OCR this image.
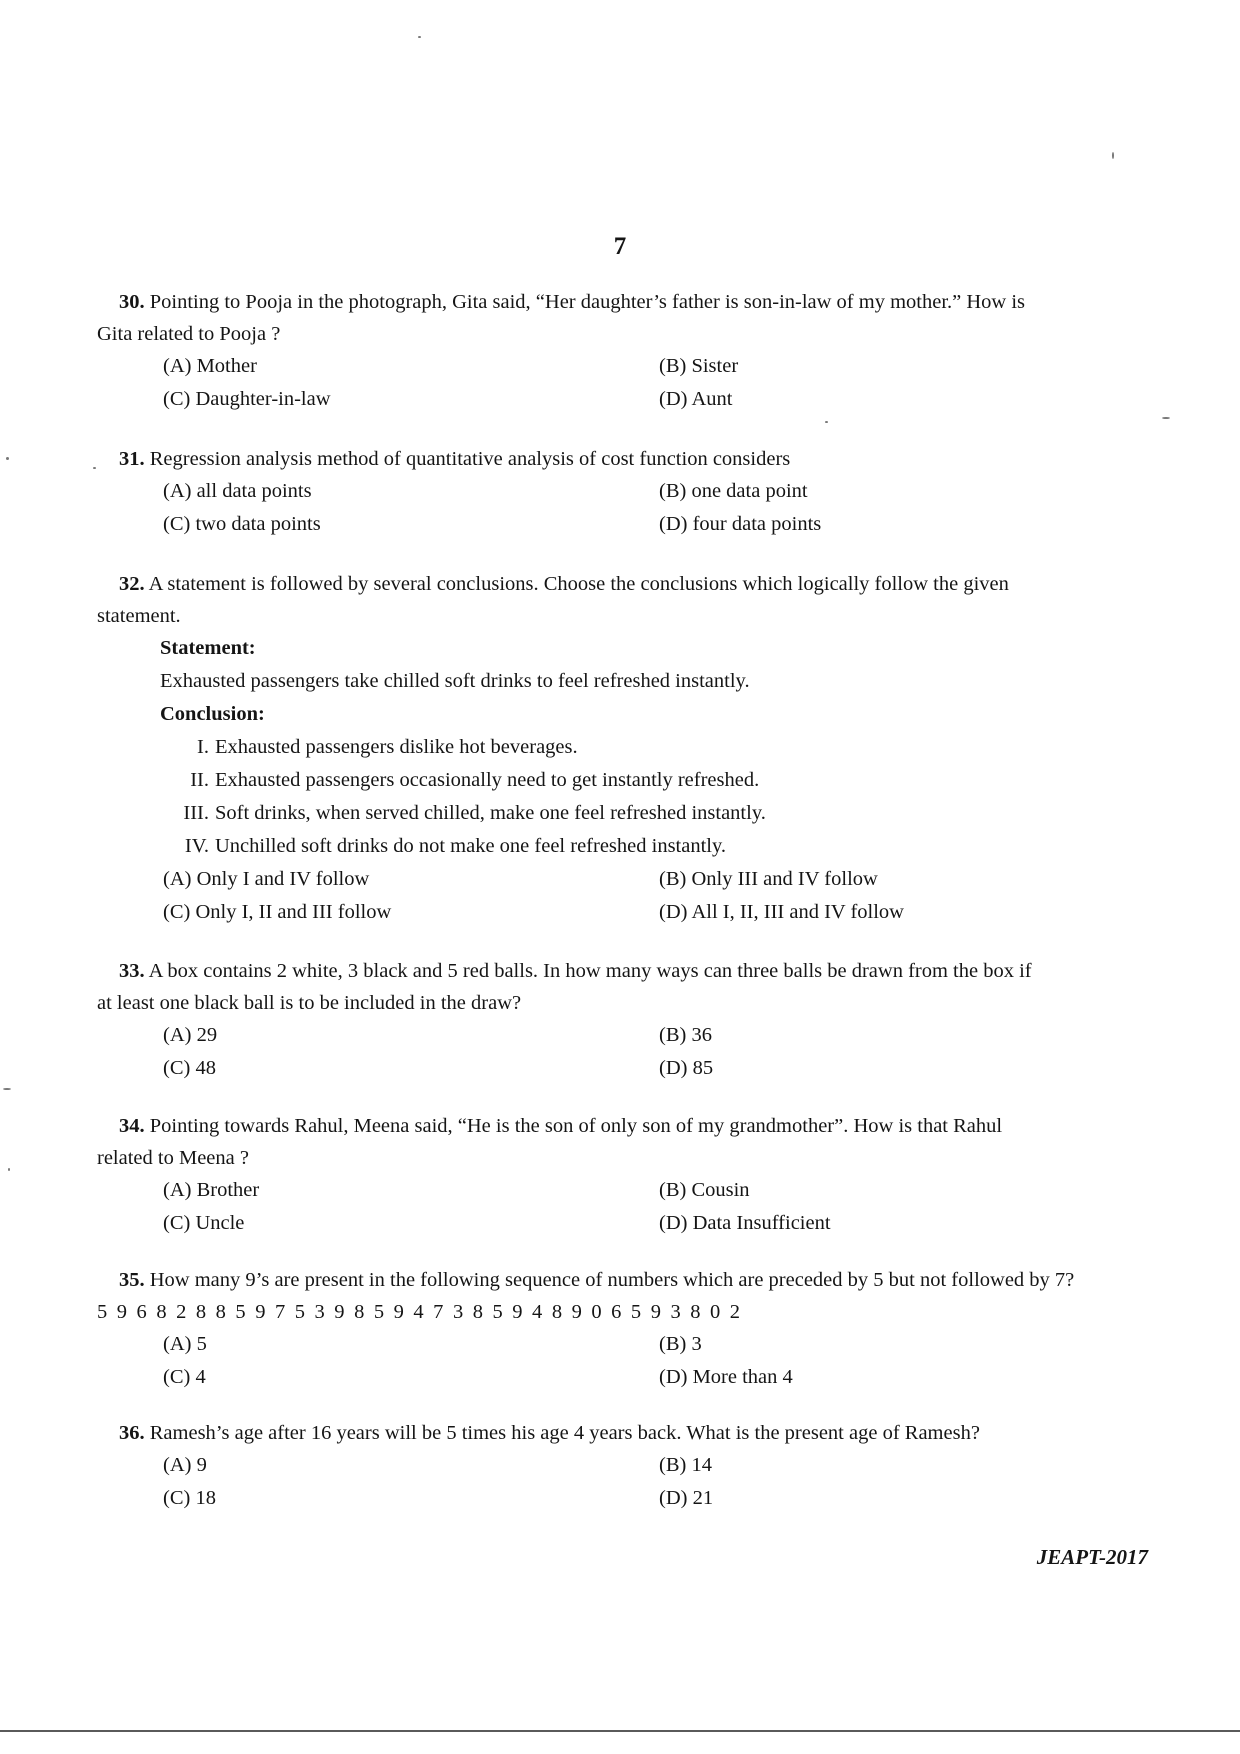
7
30. Pointing to Pooja in the photograph, Gita said, “Her daughter’s father is son-in-law of my mother.” How is
Gita related to Pooja ?
(A) Mother	(B) Sister (C) Daughter-in-law	(D) Aunt
31. Regression analysis method of quantitative analysis of cost function considers
(A) all data points	(B) one data point (C) two data points	(D) four data points
32. A statement is followed by several conclusions. Choose the conclusions which logically follow the given
statement.
Statement:
Exhausted passengers take chilled soft drinks to feel refreshed instantly.
Conclusion:
I. Exhausted passengers dislike hot beverages.
II. Exhausted passengers occasionally need to get instantly refreshed.
III. Soft drinks, when served chilled, make one feel refreshed instantly.
IV. Unchilled soft drinks do not make one feel refreshed instantly.
(A) Only I and IV follow	(B) Only III and IV follow (C) Only I, II and III follow	(D) All I, II, III and IV follow
33. A box contains 2 white, 3 black and 5 red balls. In how many ways can three balls be drawn from the box if
at least one black ball is to be included in the draw?
(A) 29	(B) 36 (C) 48	(D) 85
34. Pointing towards Rahul, Meena said, “He is the son of only son of my grandmother”. How is that Rahul
related to Meena ?
(A) Brother	(B) Cousin (C) Uncle	(D) Data Insufficient
35. How many 9’s are present in the following sequence of numbers which are preceded by 5 but not followed by 7?
5 9 6 8 2 8 8 5 9 7 5 3 9 8 5 9 4 7 3 8 5 9 4 8 9 0 6 5 9 3 8 0 2
(A) 5	(B) 3 (C) 4	(D) More than 4
36. Ramesh’s age after 16 years will be 5 times his age 4 years back. What is the present age of Ramesh?
(A) 9	(B) 14 (C) 18	(D) 21
JEAPT-2017
